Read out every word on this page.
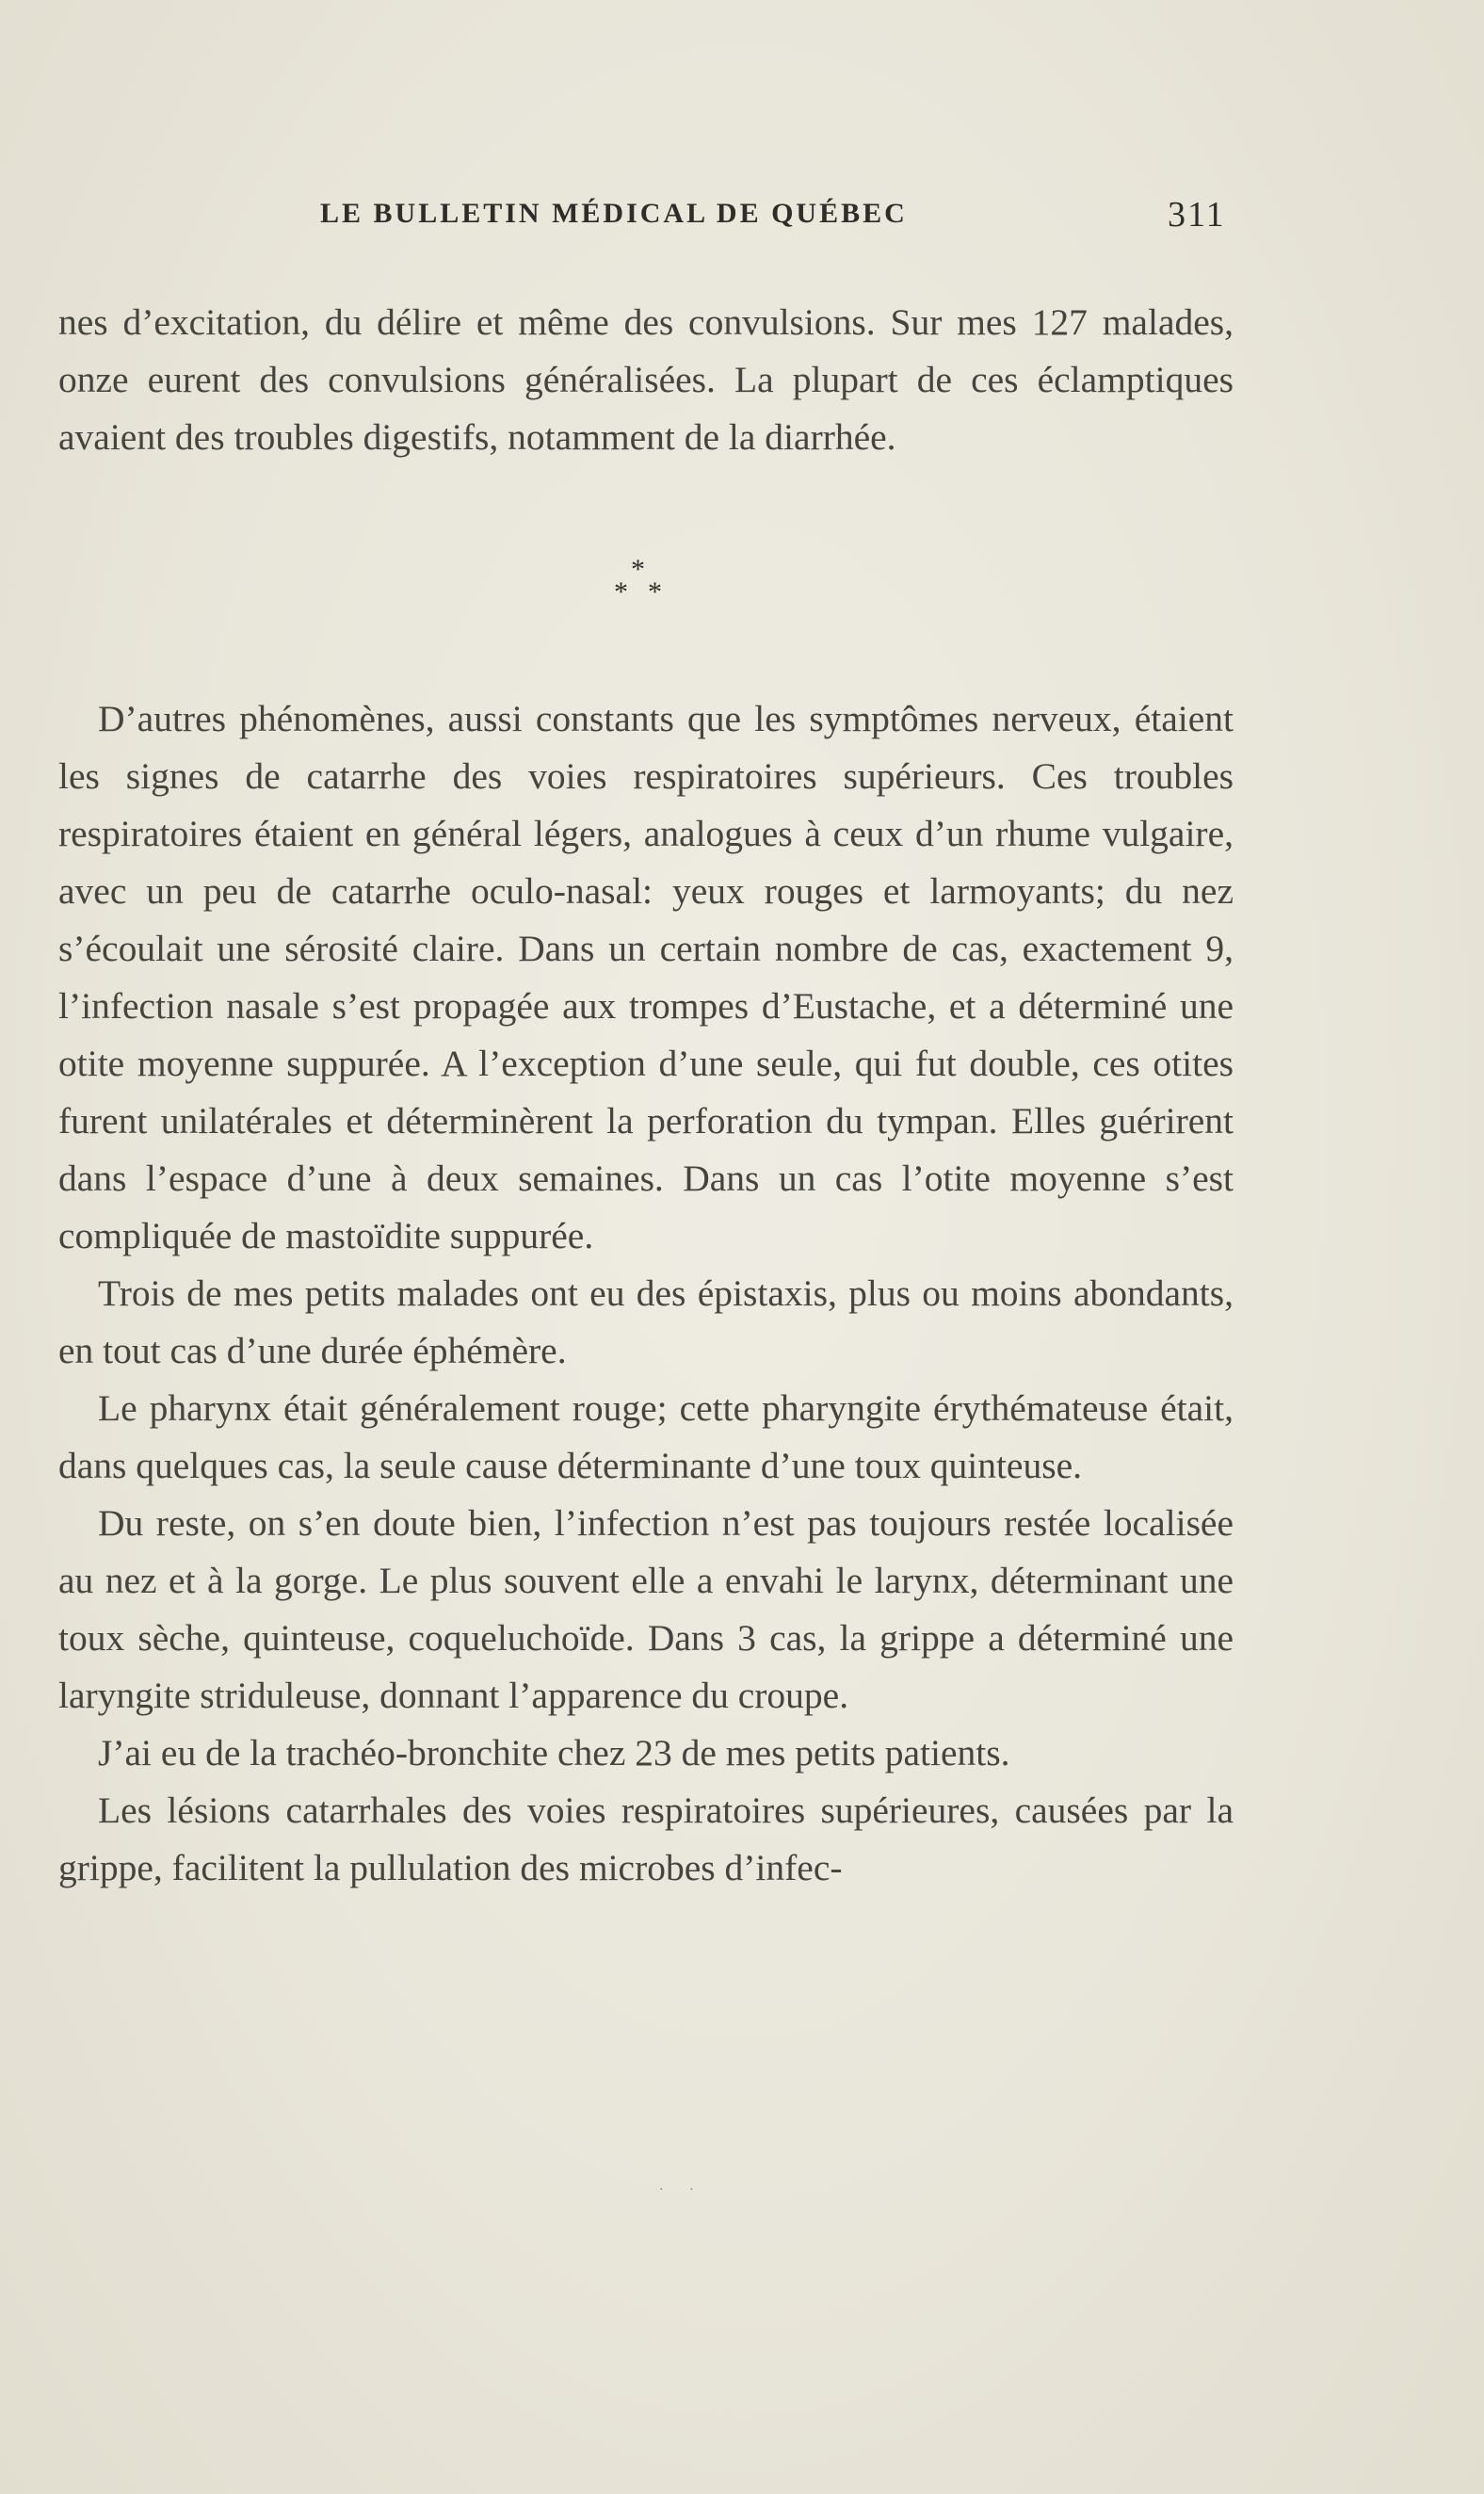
LE BULLETIN MÉDICAL DE QUÉBEC	311

nes d’excitation, du délire et même des convulsions. Sur mes 127 malades, onze eurent des convulsions généralisées. La plupart de ces éclamptiques avaient des troubles digestifs, notamment de la diarrhée.

*
* *

D’autres phénomènes, aussi constants que les symptômes nerveux, étaient les signes de catarrhe des voies respiratoires supérieurs. Ces troubles respiratoires étaient en général légers, analogues à ceux d’un rhume vulgaire, avec un peu de catarrhe oculo-nasal: yeux rouges et larmoyants; du nez s’écoulait une sérosité claire. Dans un certain nombre de cas, exactement 9, l’infection nasale s’est propagée aux trompes d’Eustache, et a déterminé une otite moyenne suppurée. A l’exception d’une seule, qui fut double, ces otites furent unilatérales et déterminèrent la perforation du tympan. Elles guérirent dans l’espace d’une à deux semaines. Dans un cas l’otite moyenne s’est compliquée de mastoïdite suppurée.

Trois de mes petits malades ont eu des épistaxis, plus ou moins abondants, en tout cas d’une durée éphémère.

Le pharynx était généralement rouge; cette pharyngite érythémateuse était, dans quelques cas, la seule cause déterminante d’une toux quinteuse.

Du reste, on s’en doute bien, l’infection n’est pas toujours restée localisée au nez et à la gorge. Le plus souvent elle a envahi le larynx, déterminant une toux sèche, quinteuse, coqueluchoïde. Dans 3 cas, la grippe a déterminé une laryngite striduleuse, donnant l’apparence du croupe.

J’ai eu de la trachéo-bronchite chez 23 de mes petits patients.

Les lésions catarrhales des voies respiratoires supérieures, causées par la grippe, facilitent la pullulation des microbes d’infec-

· ·
